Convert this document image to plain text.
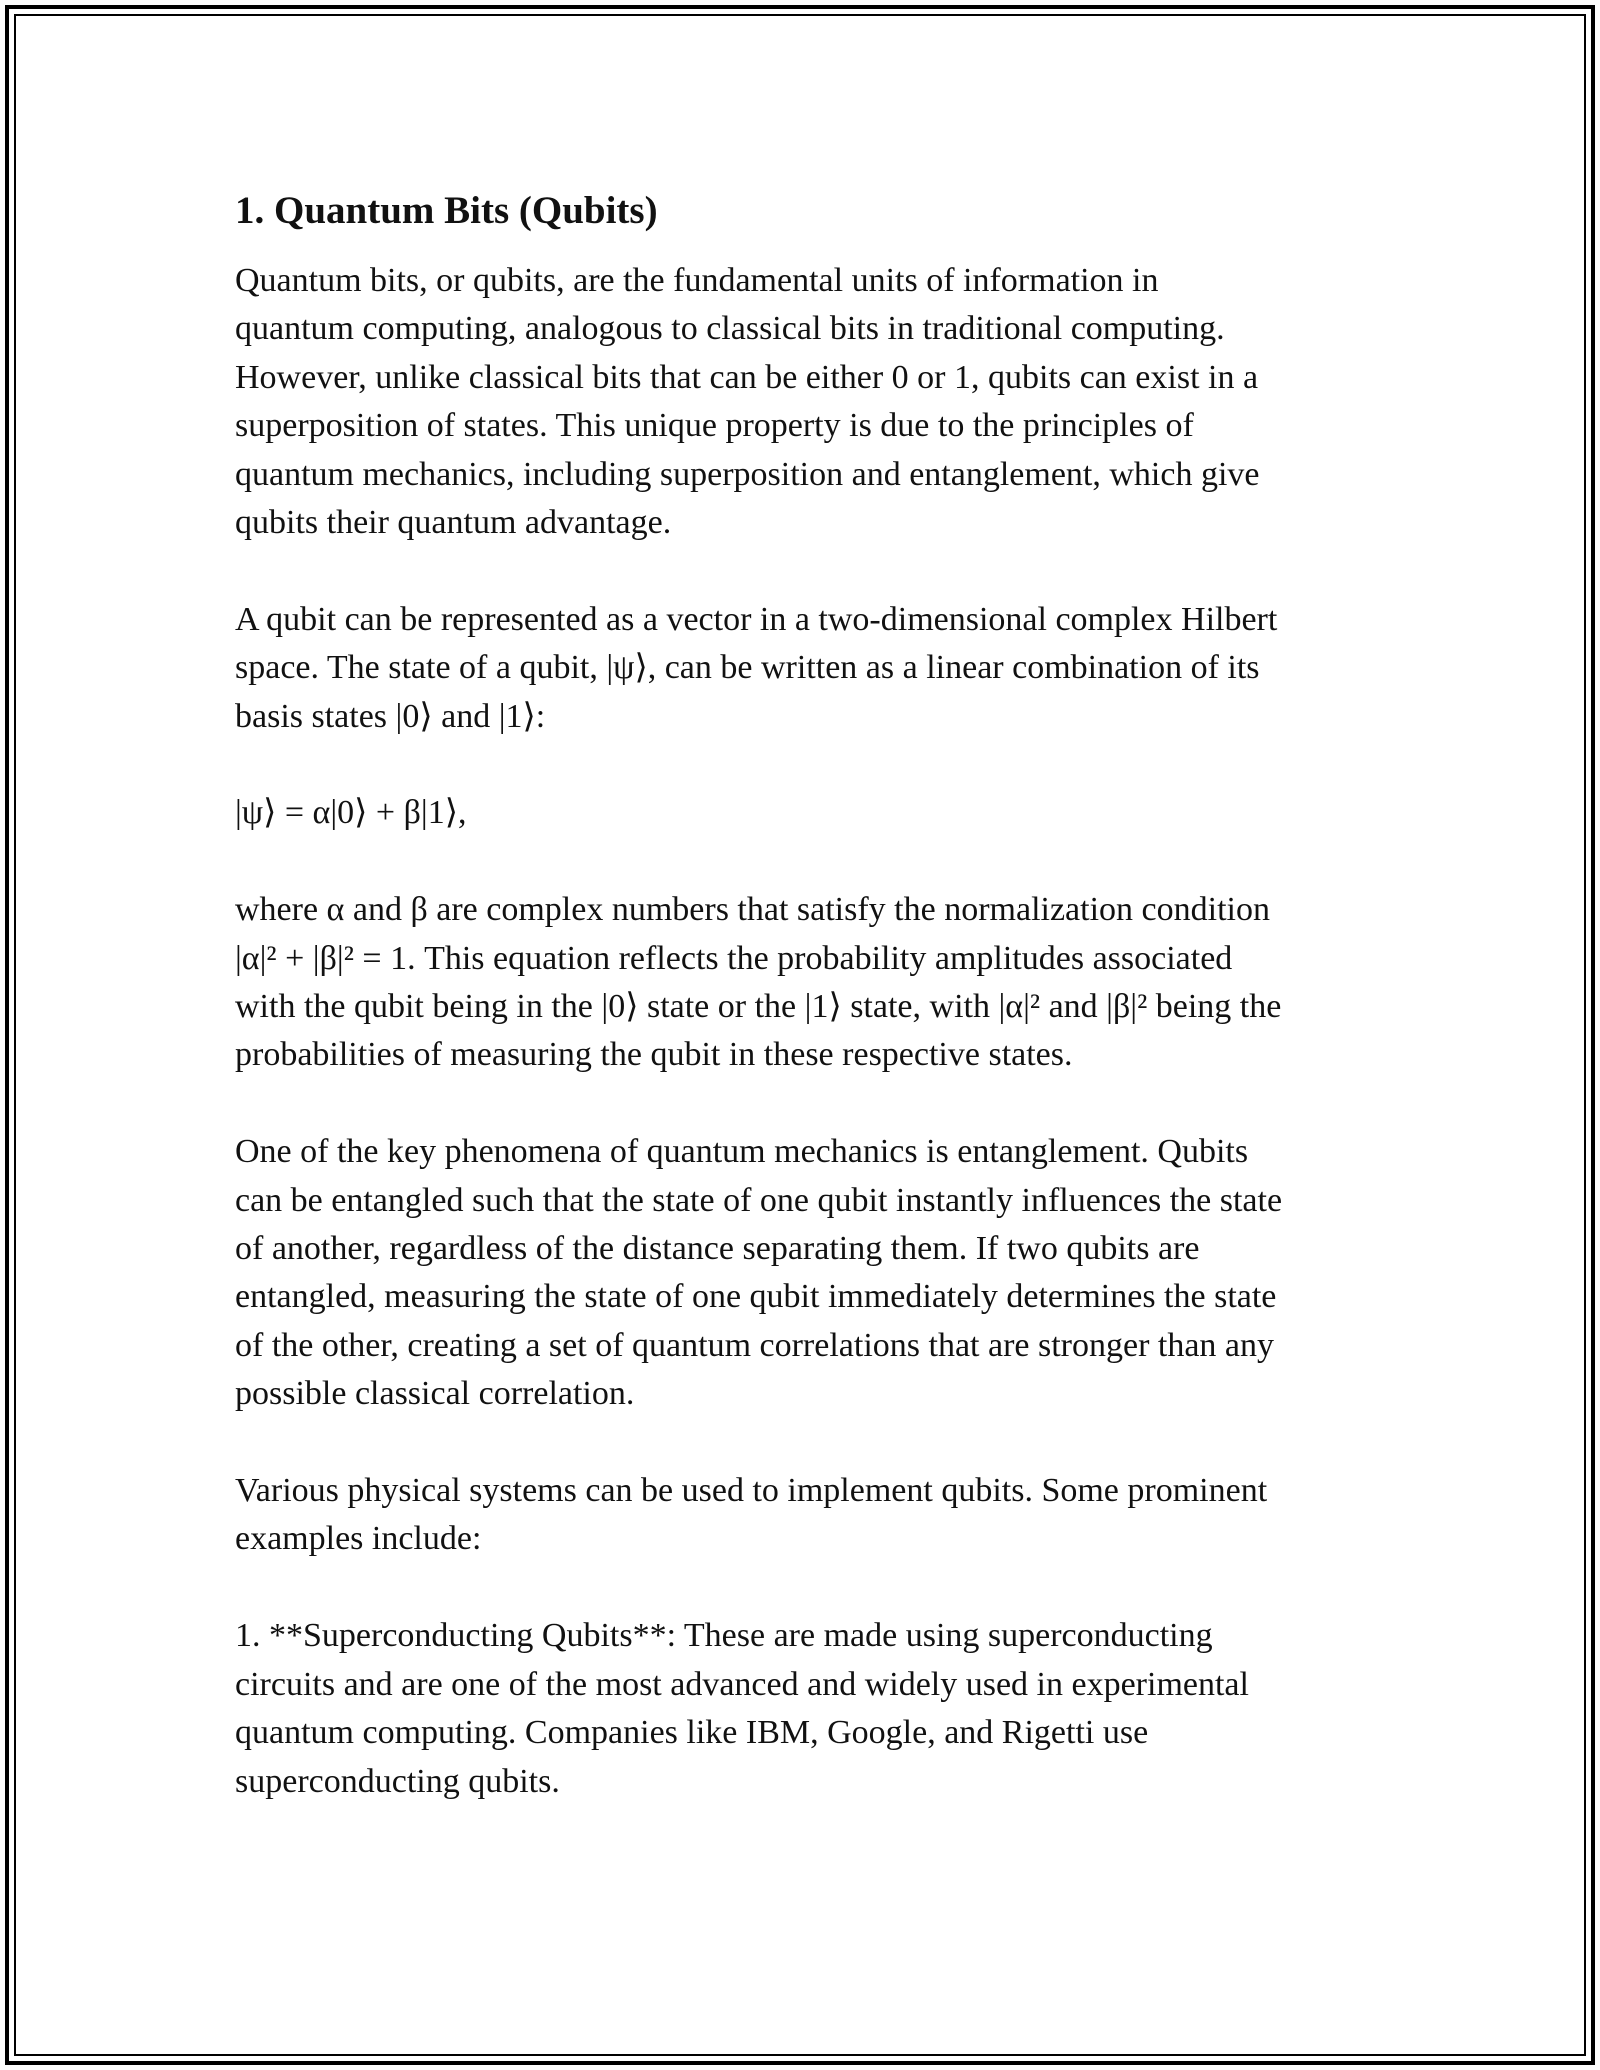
1. Quantum Bits (Qubits)

Quantum bits, or qubits, are the fundamental units of information in
quantum computing, analogous to classical bits in traditional computing.
However, unlike classical bits that can be either 0 or 1, qubits can exist in a
superposition of states. This unique property is due to the principles of
quantum mechanics, including superposition and entanglement, which give
qubits their quantum advantage.

A qubit can be represented as a vector in a two-dimensional complex Hilbert
space. The state of a qubit, |ψ⟩, can be written as a linear combination of its
basis states |0⟩ and |1⟩:

|ψ⟩ = α|0⟩ + β|1⟩,

where α and β are complex numbers that satisfy the normalization condition
|α|² + |β|² = 1. This equation reflects the probability amplitudes associated
with the qubit being in the |0⟩ state or the |1⟩ state, with |α|² and |β|² being the
probabilities of measuring the qubit in these respective states.

One of the key phenomena of quantum mechanics is entanglement. Qubits
can be entangled such that the state of one qubit instantly influences the state
of another, regardless of the distance separating them. If two qubits are
entangled, measuring the state of one qubit immediately determines the state
of the other, creating a set of quantum correlations that are stronger than any
possible classical correlation.

Various physical systems can be used to implement qubits. Some prominent
examples include:

1. **Superconducting Qubits**: These are made using superconducting
circuits and are one of the most advanced and widely used in experimental
quantum computing. Companies like IBM, Google, and Rigetti use
superconducting qubits.
